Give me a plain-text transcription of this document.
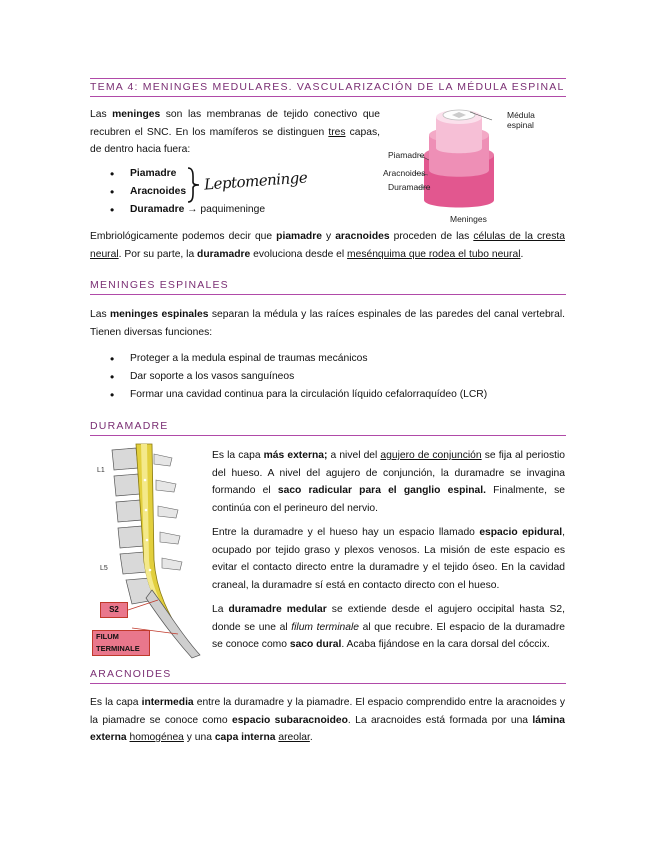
TEMA 4: MENINGES MEDULARES. VASCULARIZACIÓN DE LA MÉDULA ESPINAL
Las meninges son las membranas de tejido conectivo que recubren el SNC. En los mamíferos se distinguen tres capas, de dentro hacia fuera:
• Piamadre
• Aracnoides
• Duramadre → paquimeninge
Leptomeninge
Médula espinal
Piamadre
Aracnoides
Duramadre
Meninges
Embriológicamente podemos decir que piamadre y aracnoides proceden de las células de la cresta neural. Por su parte, la duramadre evoluciona desde el mesénquima que rodea el tubo neural.
MENINGES ESPINALES
Las meninges espinales separan la médula y las raíces espinales de las paredes del canal vertebral. Tienen diversas funciones:
• Proteger a la medula espinal de traumas mecánicos
• Dar soporte a los vasos sanguíneos
• Formar una cavidad continua para la circulación líquido cefalorraquídeo (LCR)
DURAMADRE
L1
L5
S2
FILUM TERMINALE
Es la capa más externa; a nivel del agujero de conjunción se fija al periostio del hueso. A nivel del agujero de conjunción, la duramadre se invagina formando el saco radicular para el ganglio espinal. Finalmente, se continúa con el perineuro del nervio.
Entre la duramadre y el hueso hay un espacio llamado espacio epidural, ocupado por tejido graso y plexos venosos. La misión de este espacio es evitar el contacto directo entre la duramadre y el tejido óseo. En la cavidad craneal, la duramadre sí está en contacto directo con el hueso.
La duramadre medular se extiende desde el agujero occipital hasta S2, donde se une al filum terminale al que recubre. El espacio de la duramadre se conoce como saco dural. Acaba fijándose en la cara dorsal del cóccix.
ARACNOIDES
Es la capa intermedia entre la duramadre y la piamadre. El espacio comprendido entre la aracnoides y la piamadre se conoce como espacio subaracnoideo. La aracnoides está formada por una lámina externa homogénea y una capa interna areolar.
